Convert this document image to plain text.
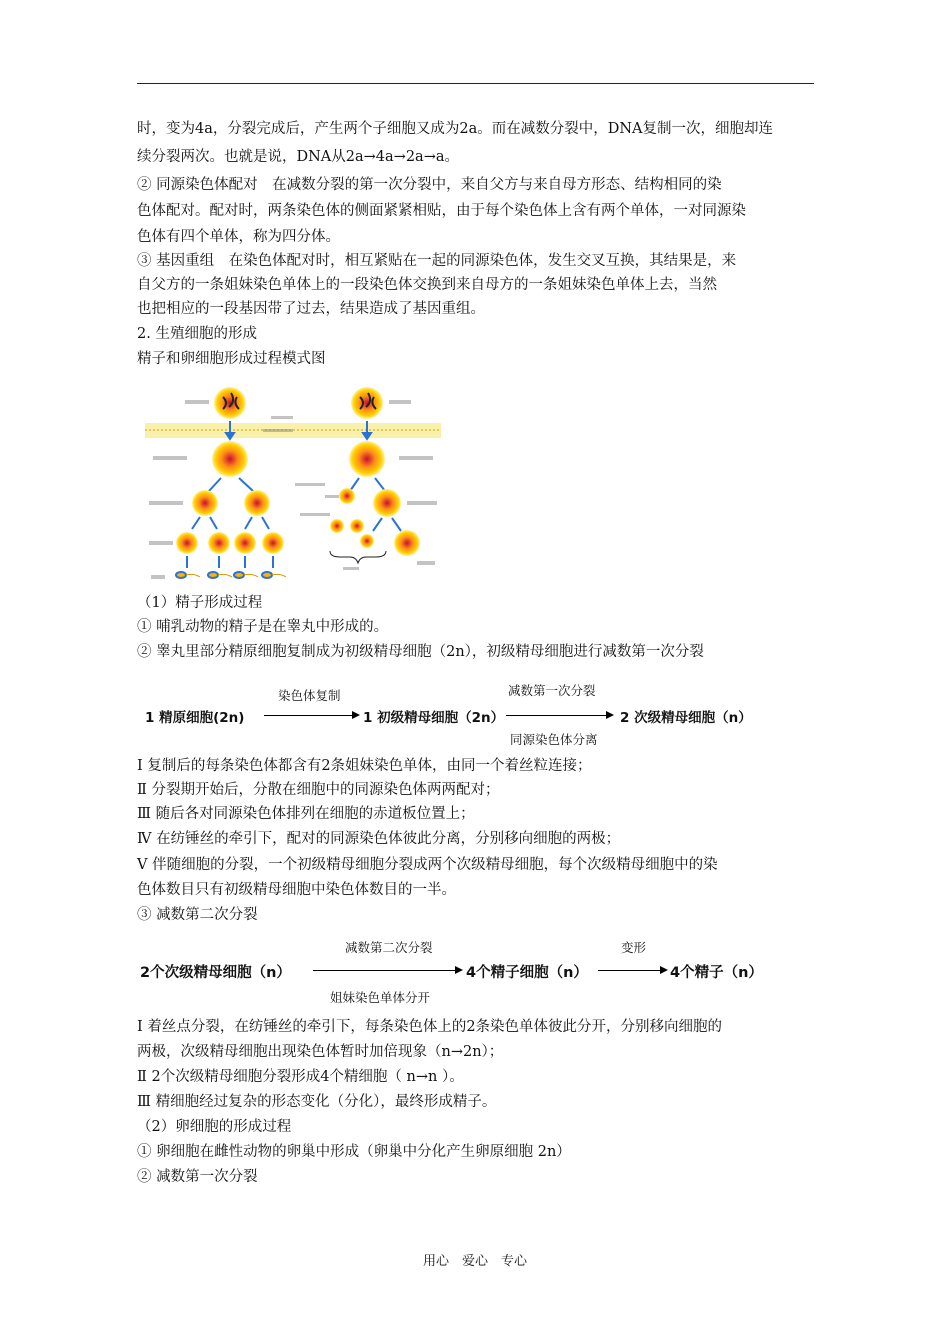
时，变为4a，分裂完成后，产生两个子细胞又成为2a。而在减数分裂中，DNA复制一次，细胞却连
续分裂两次。也就是说，DNA从2a→4a→2a→a。
② 同源染色体配对　在减数分裂的第一次分裂中，来自父方与来自母方形态、结构相同的染
色体配对。配对时，两条染色体的侧面紧紧相贴，由于每个染色体上含有两个单体，一对同源染
色体有四个单体，称为四分体。
③ 基因重组　在染色体配对时，相互紧贴在一起的同源染色体，发生交叉互换，其结果是，来
自父方的一条姐妹染色单体上的一段染色体交换到来自母方的一条姐妹染色单体上去，当然
也把相应的一段基因带了过去，结果造成了基因重组。
2. 生殖细胞的形成
精子和卵细胞形成过程模式图
（1）精子形成过程
① 哺乳动物的精子是在睾丸中形成的。
② 睾丸里部分精原细胞复制成为初级精母细胞（2n），初级精母细胞进行减数第一次分裂
1 精原细胞(2n)
染色体复制
1 初级精母细胞（2n）
减数第一次分裂
同源染色体分离
2 次级精母细胞（n）
Ⅰ 复制后的每条染色体都含有2条姐妹染色单体，由同一个着丝粒连接；
Ⅱ 分裂期开始后，分散在细胞中的同源染色体两两配对；
Ⅲ 随后各对同源染色体排列在细胞的赤道板位置上；
Ⅳ 在纺锤丝的牵引下，配对的同源染色体彼此分离，分别移向细胞的两极；
Ⅴ 伴随细胞的分裂，一个初级精母细胞分裂成两个次级精母细胞，每个次级精母细胞中的染
色体数目只有初级精母细胞中染色体数目的一半。
③ 减数第二次分裂
2个次级精母细胞（n）
减数第二次分裂
姐妹染色单体分开
4个精子细胞（n）
变形
4个精子（n）
Ⅰ 着丝点分裂，在纺锤丝的牵引下，每条染色体上的2条染色单体彼此分开，分别移向细胞的
两极，次级精母细胞出现染色体暂时加倍现象（n→2n）；
Ⅱ 2个次级精母细胞分裂形成4个精细胞（ n→n ）。
Ⅲ 精细胞经过复杂的形态变化（分化），最终形成精子。
（2）卵细胞的形成过程
① 卵细胞在雌性动物的卵巢中形成（卵巢中分化产生卵原细胞 2n）
② 减数第一次分裂
用心　爱心　专心
